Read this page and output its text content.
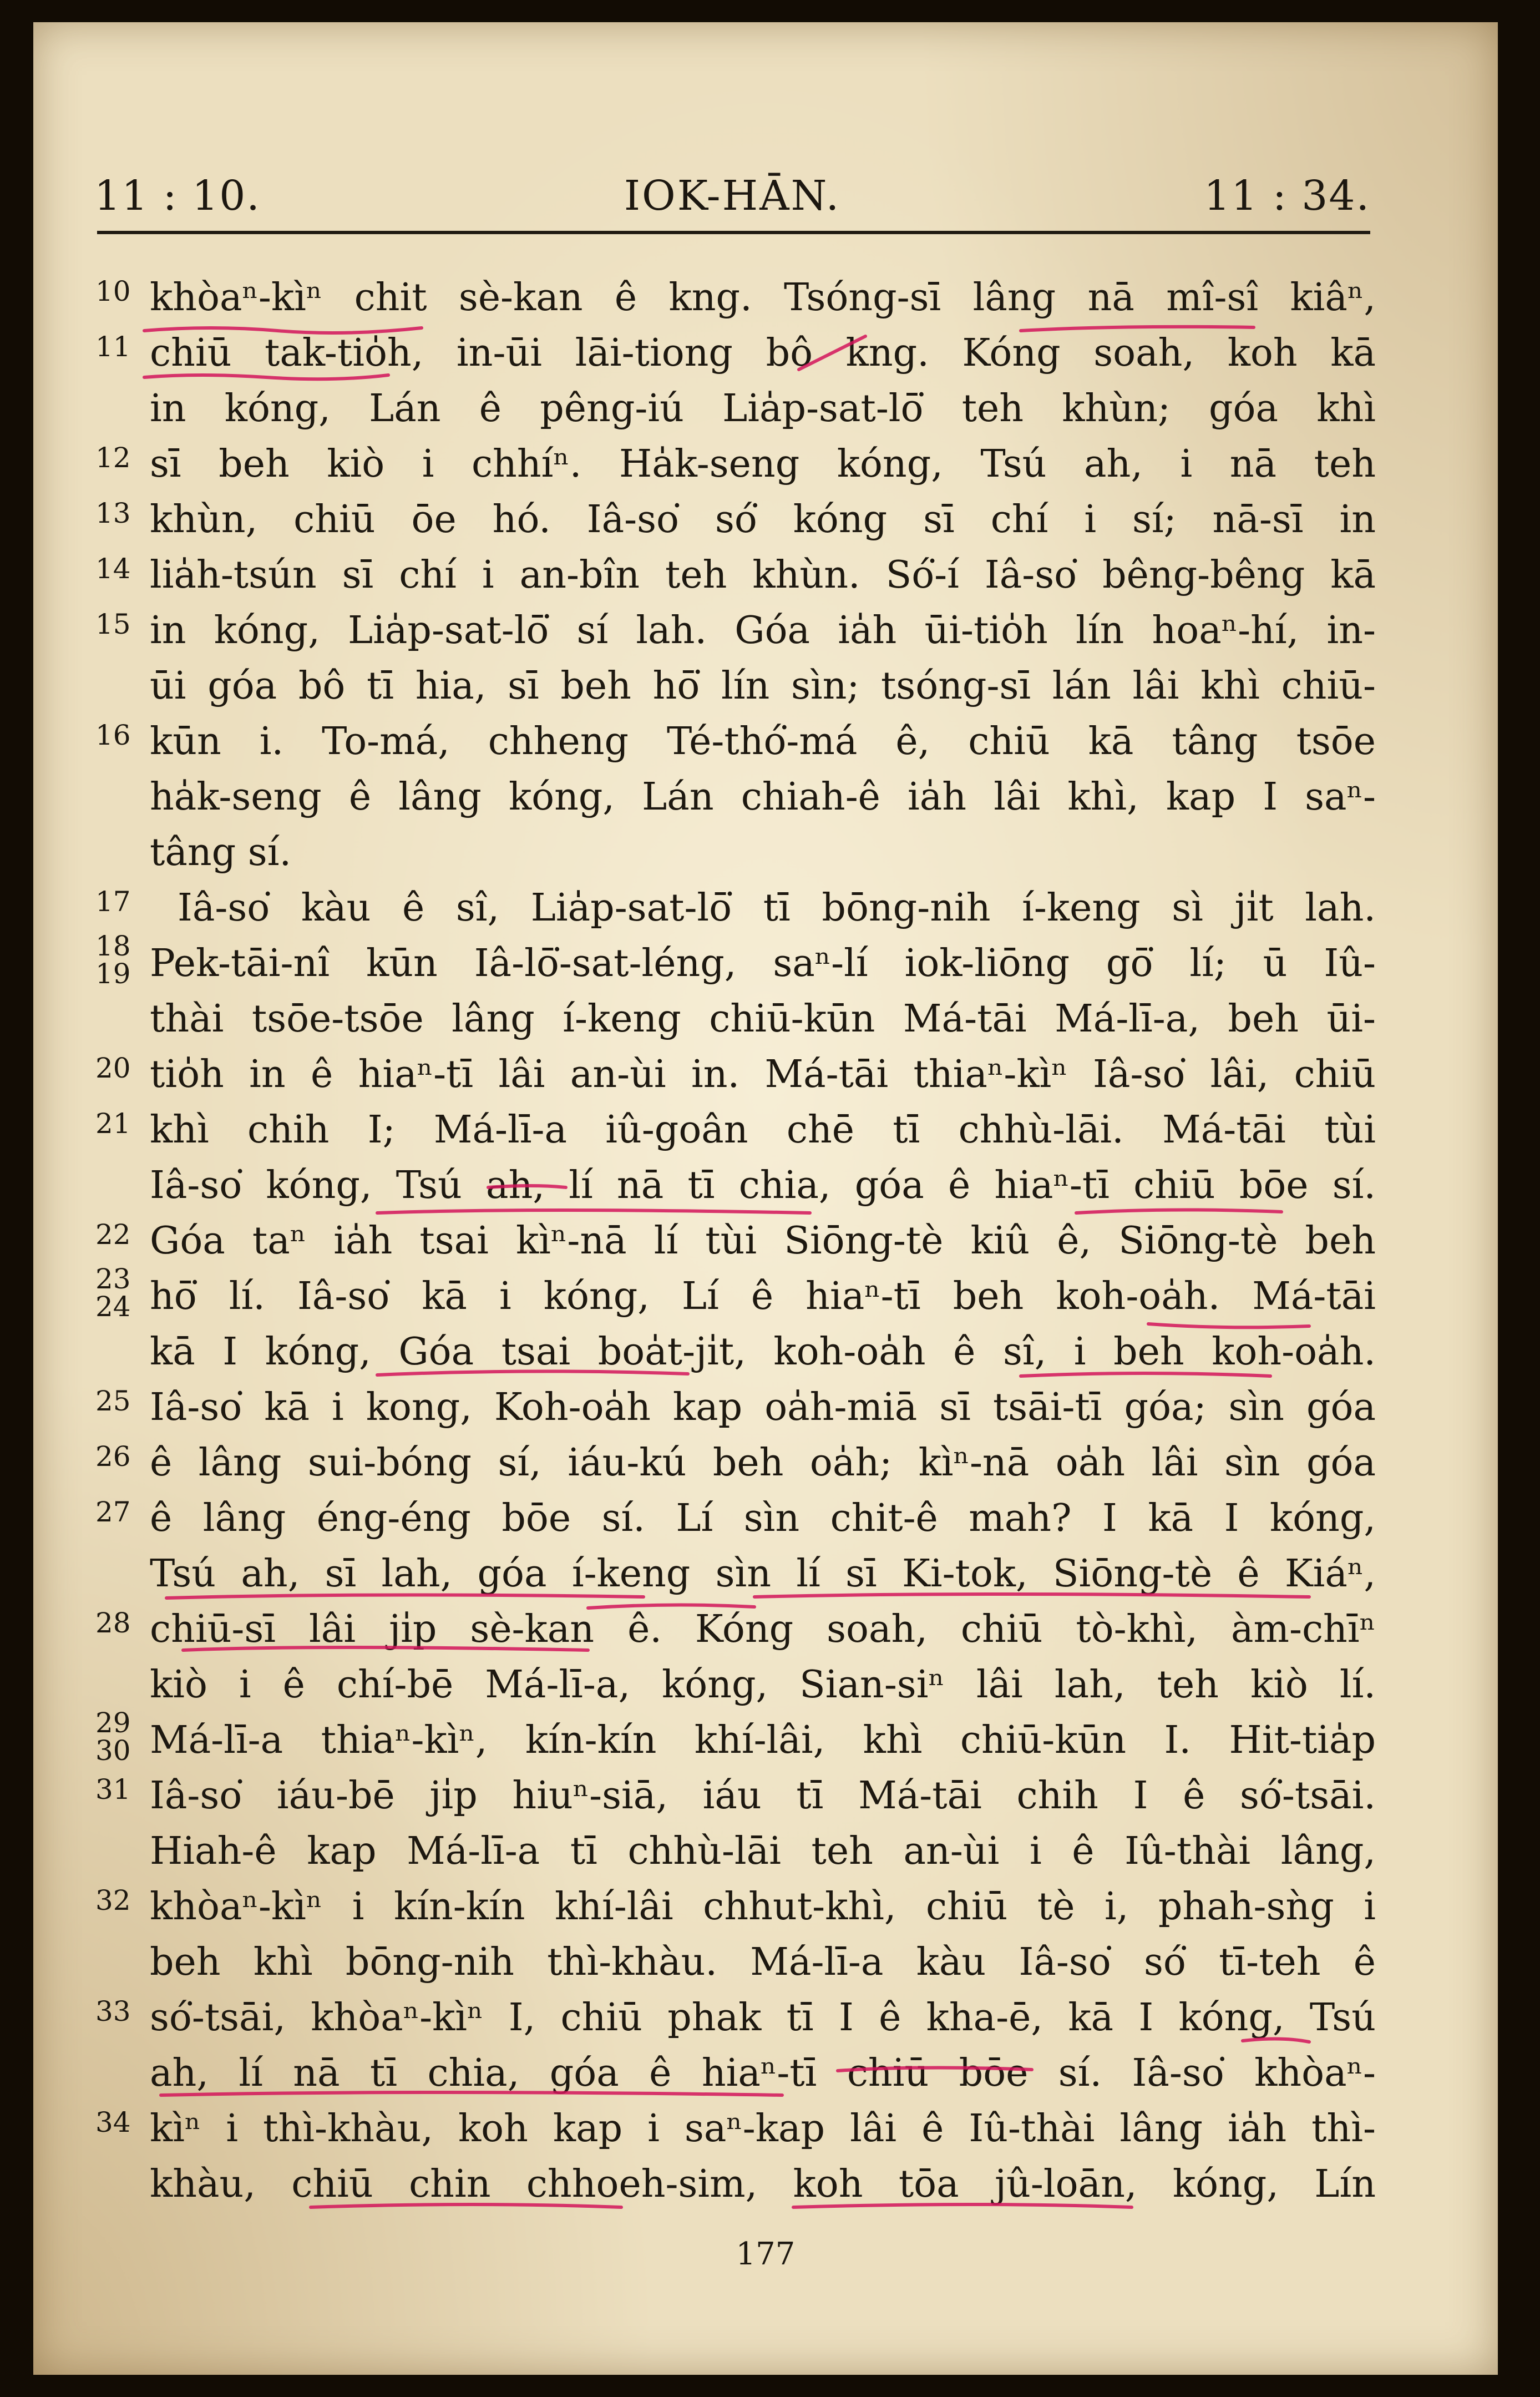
11 : 10.	IOK-HĀN.	11 : 34.
khòaⁿ-kìⁿ chit sè-kan ê kng. Tsóng-sī lâng nā mî-sî kiâⁿ,
chiū tak-tio̍h, in-ūi lāi-tiong bô kng. Kóng soah, koh kā
in kóng, Lán ê pêng-iú Lia̍p-sat-lō͘ teh khùn; góa khì
sī beh kiò i chhíⁿ. Ha̍k-seng kóng, Tsú ah, i nā teh
khùn, chiū ōe hó. Iâ-so͘ só͘ kóng sī chí i sí; nā-sī in
lia̍h-tsún sī chí i an-bîn teh khùn. Só͘-í Iâ-so͘ bêng-bêng kā
in kóng, Lia̍p-sat-lō͘ sí lah. Góa ia̍h ūi-tio̍h lín hoaⁿ-hí, in-
ūi góa bô tī hia, sī beh hō͘ lín sìn; tsóng-sī lán lâi khì chiū-
kūn i. To-má, chheng Té-thó͘-má ê, chiū kā tâng tsōe
ha̍k-seng ê lâng kóng, Lán chiah-ê ia̍h lâi khì, kap I saⁿ-
tâng sí.
Iâ-so͘ kàu ê sî, Lia̍p-sat-lō͘ tī bōng-nih í-keng sì ji̍t lah.
Pek-tāi-nî kūn Iâ-lō͘-sat-léng, saⁿ-lí iok-liōng gō͘ lí; ū Iû-
thài tsōe-tsōe lâng í-keng chiū-kūn Má-tāi Má-lī-a, beh ūi-
tio̍h in ê hiaⁿ-tī lâi an-ùi in. Má-tāi thiaⁿ-kìⁿ Iâ-so͘ lâi, chiū
khì chih I; Má-lī-a iû-goân chē tī chhù-lāi. Má-tāi tùi
Iâ-so͘ kóng, Tsú ah, lí nā tī chia, góa ê hiaⁿ-tī chiū bōe sí.
Góa taⁿ ia̍h tsai kìⁿ-nā lí tùi Siōng-tè kiû ê, Siōng-tè beh
hō͘ lí. Iâ-so͘ kā i kóng, Lí ê hiaⁿ-tī beh koh-oa̍h. Má-tāi
kā I kóng, Góa tsai boa̍t-ji̍t, koh-oa̍h ê sî, i beh koh-oa̍h.
Iâ-so͘ kā i kong, Koh-oa̍h kap oa̍h-miā sī tsāi-tī góa; sìn góa
ê lâng sui-bóng sí, iáu-kú beh oa̍h; kìⁿ-nā oa̍h lâi sìn góa
ê lâng éng-éng bōe sí. Lí sìn chit-ê mah? I kā I kóng,
Tsú ah, sī lah, góa í-keng sìn lí sī Ki-tok, Siōng-tè ê Kiáⁿ,
chiū-sī lâi ji̍p sè-kan ê. Kóng soah, chiū tò-khì, àm-chīⁿ
kiò i ê chí-bē Má-lī-a, kóng, Sian-siⁿ lâi lah, teh kiò lí.
Má-lī-a thiaⁿ-kìⁿ, kín-kín khí-lâi, khì chiū-kūn I. Hit-tia̍p
Iâ-so͘ iáu-bē ji̍p hiuⁿ-siā, iáu tī Má-tāi chih I ê só͘-tsāi.
Hiah-ê kap Má-lī-a tī chhù-lāi teh an-ùi i ê Iû-thài lâng,
khòaⁿ-kìⁿ i kín-kín khí-lâi chhut-khì, chiū tè i, phah-sǹg i
beh khì bōng-nih thì-khàu. Má-lī-a kàu Iâ-so͘ só͘ tī-teh ê
só͘-tsāi, khòaⁿ-kìⁿ I, chiū phak tī I ê kha-ē, kā I kóng, Tsú
ah, lí nā tī chia, góa ê hiaⁿ-tī chiū bōe sí. Iâ-so͘ khòaⁿ-
kìⁿ i thì-khàu, koh kap i saⁿ-kap lâi ê Iû-thài lâng ia̍h thì-
khàu, chiū chin chhoeh-sim, koh tōa jû-loān, kóng, Lín
10
11
12
13
14
15
16
17
18
19
20
21
22
23
24
25
26
27
28
29
30
31
32
33
34
177
